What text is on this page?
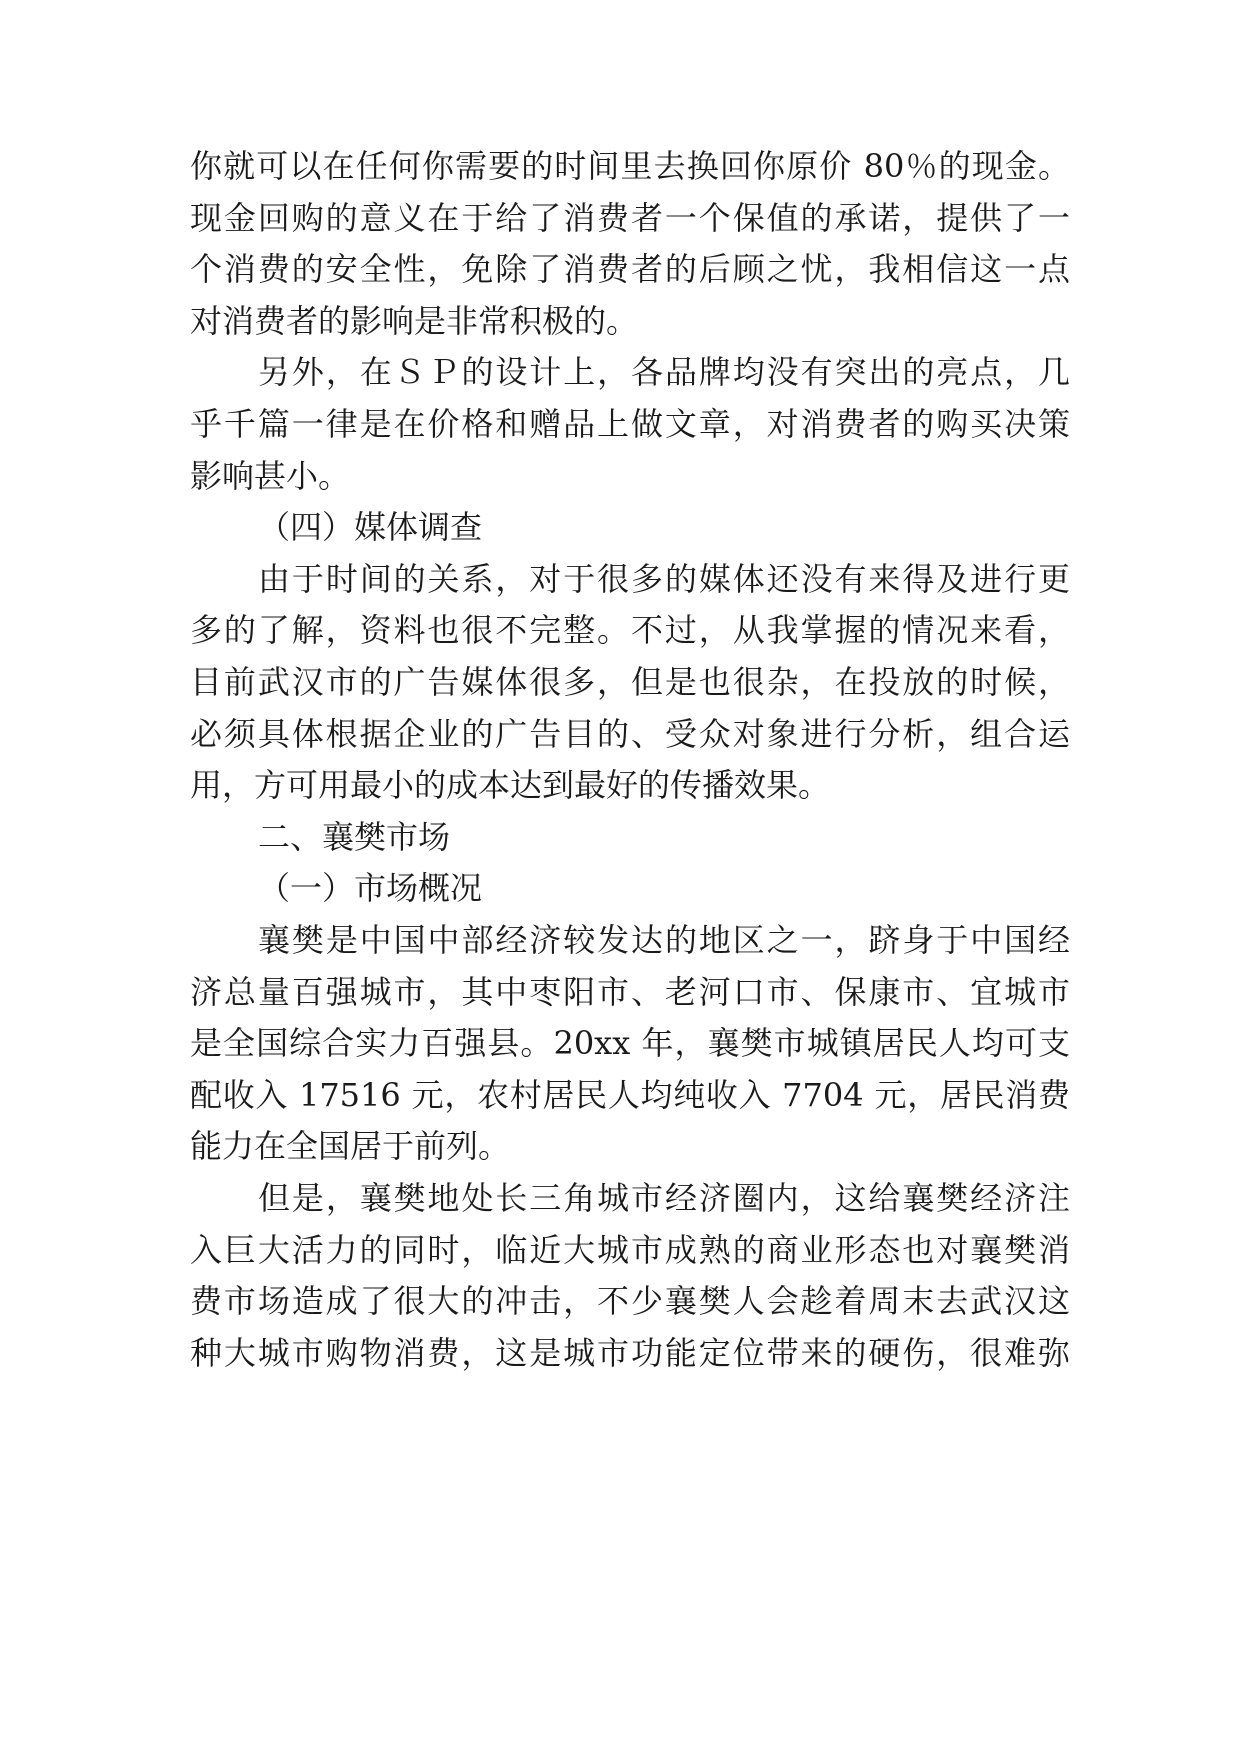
你就可以在任何你需要的时间里去换回你原价 80％的现金。
现金回购的意义在于给了消费者一个保值的承诺，提供了一
个消费的安全性，免除了消费者的后顾之忧，我相信这一点
对消费者的影响是非常积极的。
另外，在ＳＰ的设计上，各品牌均没有突出的亮点，几
乎千篇一律是在价格和赠品上做文章，对消费者的购买决策
影响甚小。
（四）媒体调查
由于时间的关系，对于很多的媒体还没有来得及进行更
多的了解，资料也很不完整。不过，从我掌握的情况来看，
目前武汉市的广告媒体很多，但是也很杂，在投放的时候，
必须具体根据企业的广告目的、受众对象进行分析，组合运
用，方可用最小的成本达到最好的传播效果。
二、襄樊市场
（一）市场概况
襄樊是中国中部经济较发达的地区之一，跻身于中国经
济总量百强城市，其中枣阳市、老河口市、保康市、宜城市
是全国综合实力百强县。20xx 年，襄樊市城镇居民人均可支
配收入 17516 元，农村居民人均纯收入 7704 元，居民消费
能力在全国居于前列。
但是，襄樊地处长三角城市经济圈内，这给襄樊经济注
入巨大活力的同时，临近大城市成熟的商业形态也对襄樊消
费市场造成了很大的冲击，不少襄樊人会趁着周末去武汉这
种大城市购物消费，这是城市功能定位带来的硬伤，很难弥
